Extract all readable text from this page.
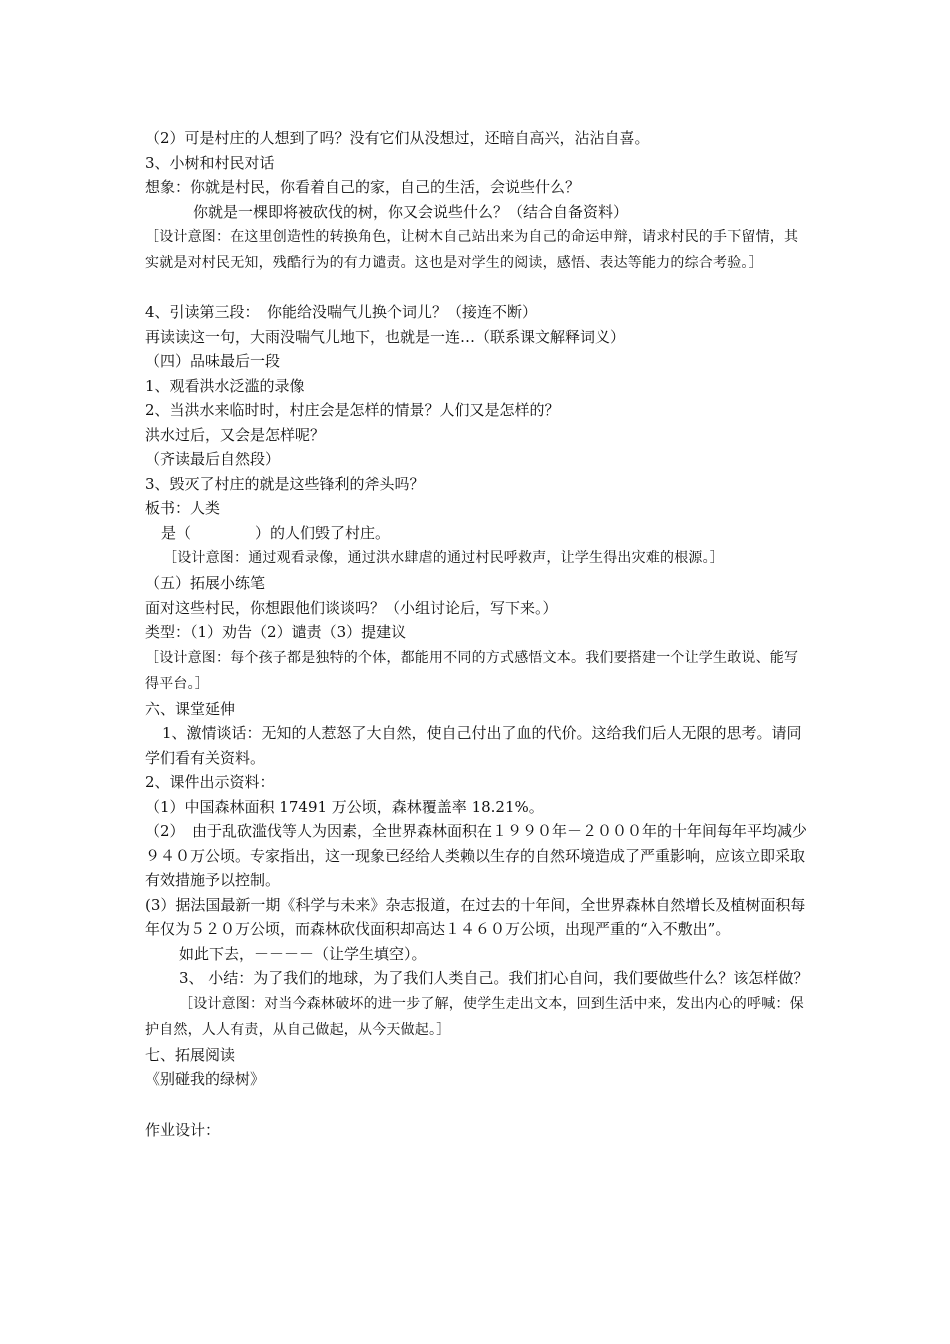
（2）可是村庄的人想到了吗？没有它们从没想过，还暗自高兴，沾沾自喜。
3、小树和村民对话
想象：你就是村民，你看着自己的家，自己的生活，会说些什么？
你就是一棵即将被砍伐的树，你又会说些什么？（结合自备资料）
［设计意图：在这里创造性的转换角色，让树木自己站出来为自己的命运申辩，请求村民的手下留情，其实就是对村民无知，残酷行为的有力谴责。这也是对学生的阅读，感悟、表达等能力的综合考验。］
4、引读第三段：　你能给没喘气儿换个词儿？（接连不断）
再读读这一句，大雨没喘气儿地下，也就是一连…（联系课文解释词义）
（四）品味最后一段
1、观看洪水泛滥的录像
2、当洪水来临时时，村庄会是怎样的情景？人们又是怎样的？
洪水过后，又会是怎样呢？
（齐读最后自然段）
3、毁灭了村庄的就是这些锋利的斧头吗？
板书：人类
是（	）的人们毁了村庄。
［设计意图：通过观看录像，通过洪水肆虐的通过村民呼救声，让学生得出灾难的根源。］
（五）拓展小练笔
面对这些村民，你想跟他们谈谈吗？（小组讨论后，写下来。）
类型：（1）劝告（2）谴责（3）提建议
［设计意图：每个孩子都是独特的个体，都能用不同的方式感悟文本。我们要搭建一个让学生敢说、能写得平台。］
六、课堂延伸
1、激情谈话：无知的人惹怒了大自然，使自己付出了血的代价。这给我们后人无限的思考。请同学们看有关资料。
2、课件出示资料：
（1）中国森林面积 17491 万公顷，森林覆盖率 18.21%。
（2）　由于乱砍滥伐等人为因素，全世界森林面积在１９９０年－２０００年的十年间每年平均减少９４０万公顷。专家指出，这一现象已经给人类赖以生存的自然环境造成了严重影响，应该立即采取有效措施予以控制。
(3）据法国最新一期《科学与未来》杂志报道，在过去的十年间，全世界森林自然增长及植树面积每年仅为５２０万公顷，而森林砍伐面积却高达１４６０万公顷，出现严重的“入不敷出”。
如此下去，－－－－（让学生填空）。
3、 小结：为了我们的地球，为了我们人类自己。我们扪心自问，我们要做些什么？该怎样做？
［设计意图：对当今森林破坏的进一步了解，使学生走出文本，回到生活中来，发出内心的呼喊：保护自然，人人有责，从自己做起，从今天做起。］
七、拓展阅读
《别碰我的绿树》
作业设计：
